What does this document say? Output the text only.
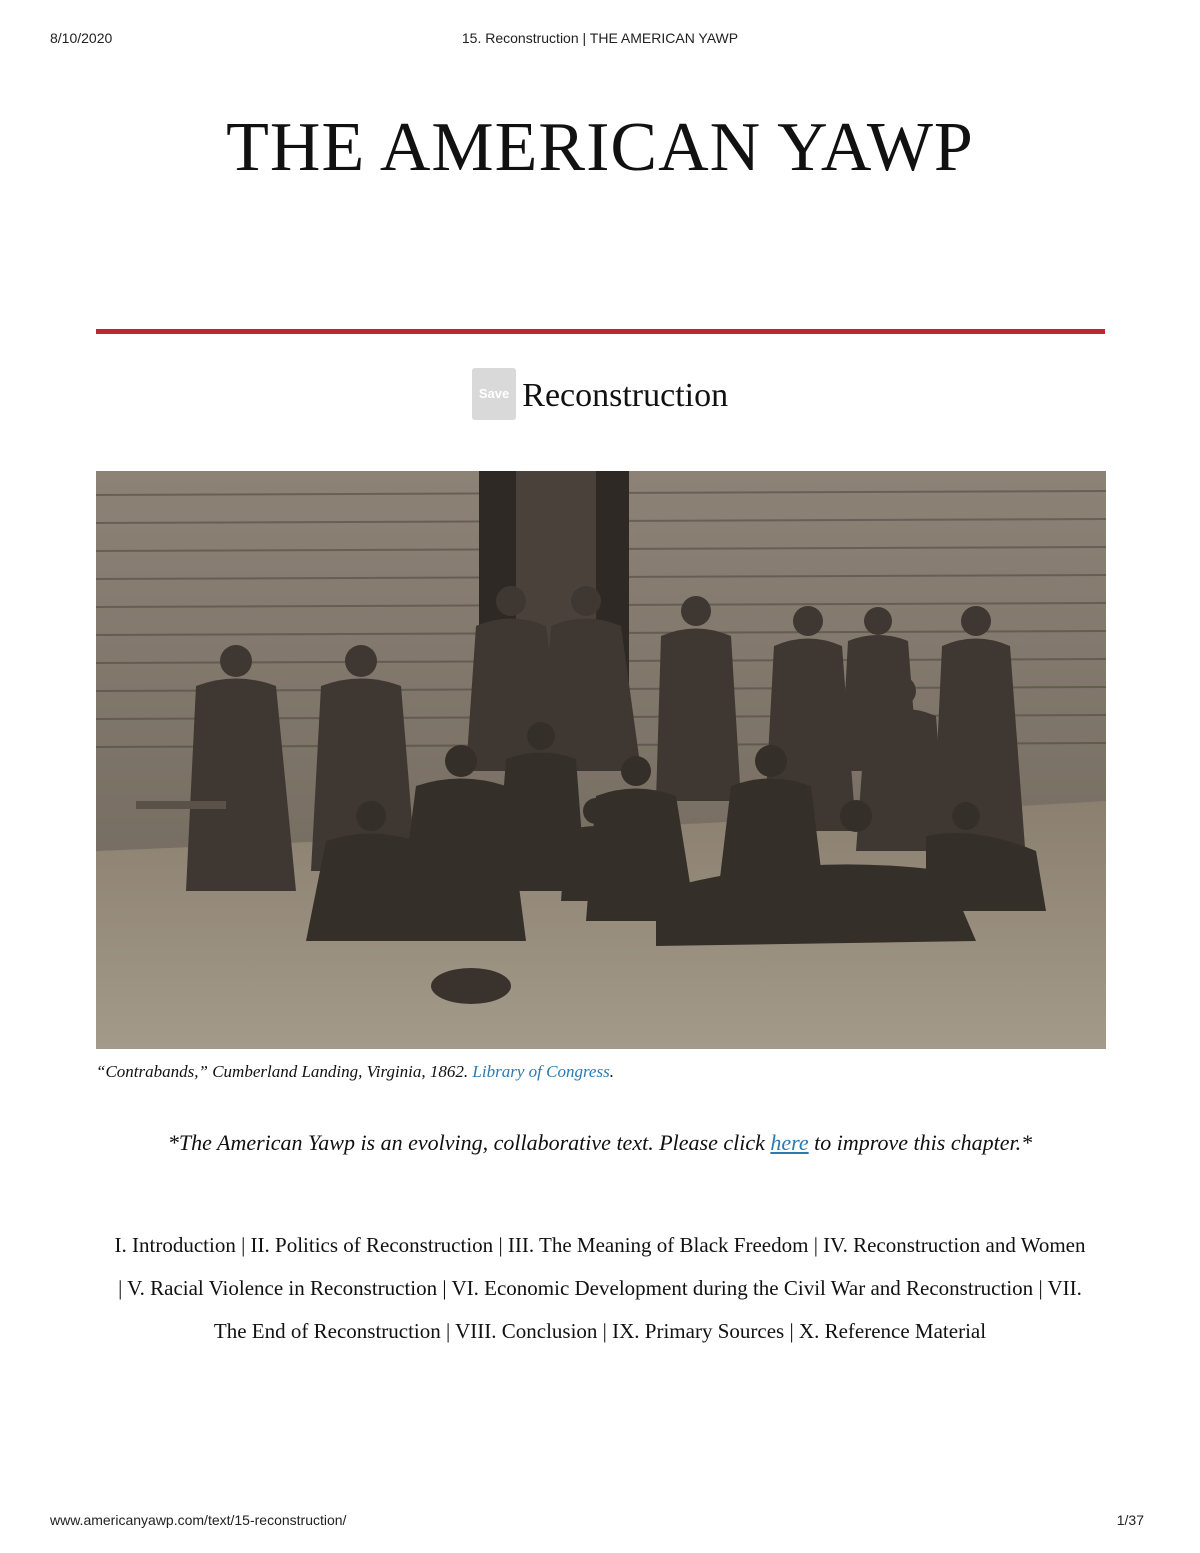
8/10/2020	15. Reconstruction | THE AMERICAN YAWP
THE AMERICAN YAWP
Save Reconstruction
“Contrabands,” Cumberland Landing, Virginia, 1862. Library of Congress.
*The American Yawp is an evolving, collaborative text. Please click here to improve this chapter.*
I. Introduction | II. Politics of Reconstruction | III. The Meaning of Black Freedom | IV. Reconstruction and Women | V. Racial Violence in Reconstruction | VI. Economic Development during the Civil War and Reconstruction | VII. The End of Reconstruction | VIII. Conclusion | IX. Primary Sources | X. Reference Material
www.americanyawp.com/text/15-reconstruction/	1/37
